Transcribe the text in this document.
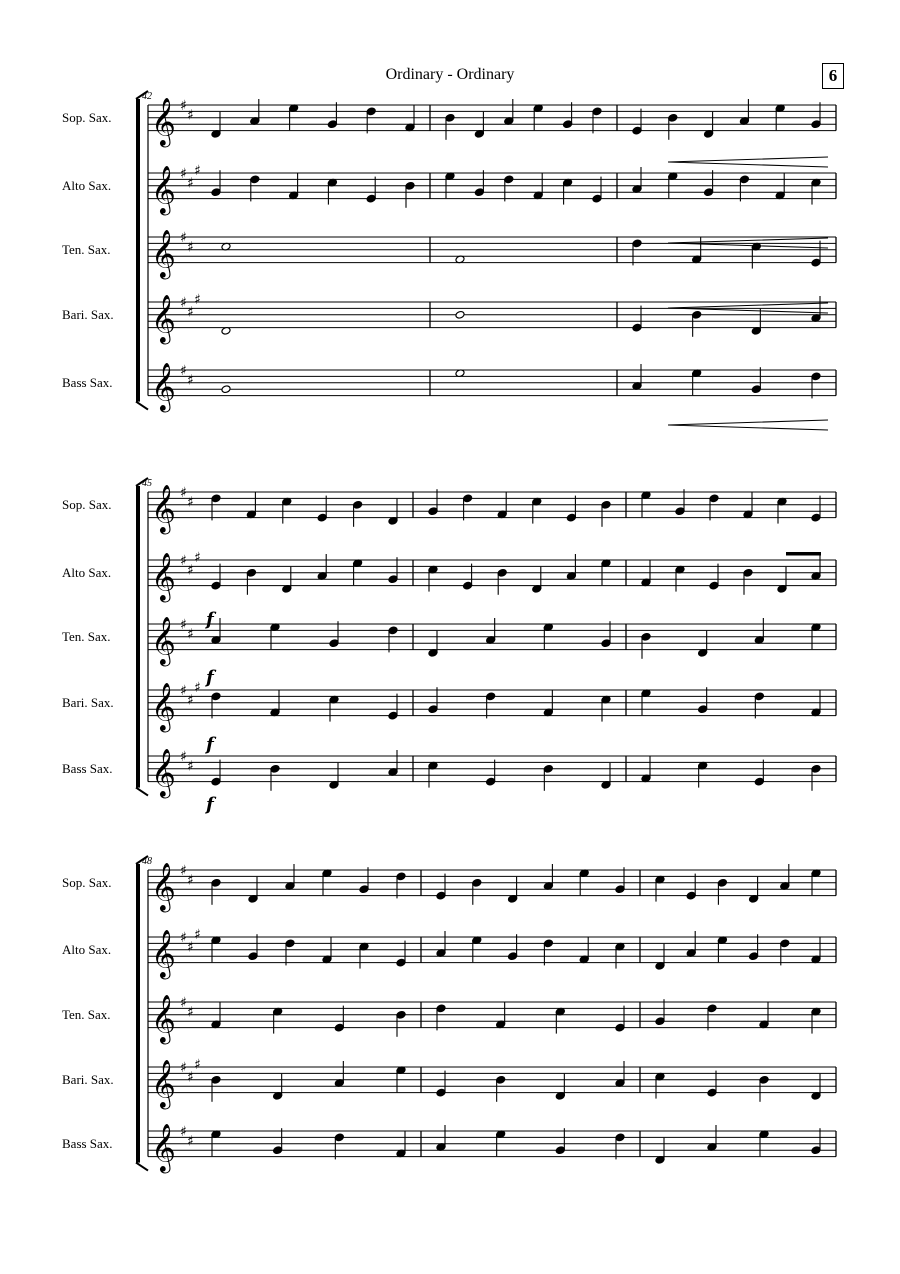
Ordinary - Ordinary	6
42
𝄞 ♯
♯
Sop. Sax.
𝄞 ♯
♯
♯
Alto Sax.
𝄞 ♯
♯
Ten. Sax.
𝄞 ♯
♯
♯
Bari. Sax.
𝄞 ♯
♯
Bass Sax.
45
𝄞 ♯
♯
Sop. Sax.
𝄞 ♯
♯
♯
Alto Sax.
𝄞 ♯
♯
Ten. Sax.
𝄞 ♯
♯
♯
Bari. Sax.
𝄞 ♯
♯
Bass Sax.
f
f
f
f
48
𝄞 ♯
♯
Sop. Sax.
𝄞 ♯
♯
♯
Alto Sax.
𝄞 ♯
♯
Ten. Sax.
𝄞 ♯
♯
♯
Bari. Sax.
𝄞 ♯
♯
Bass Sax.
